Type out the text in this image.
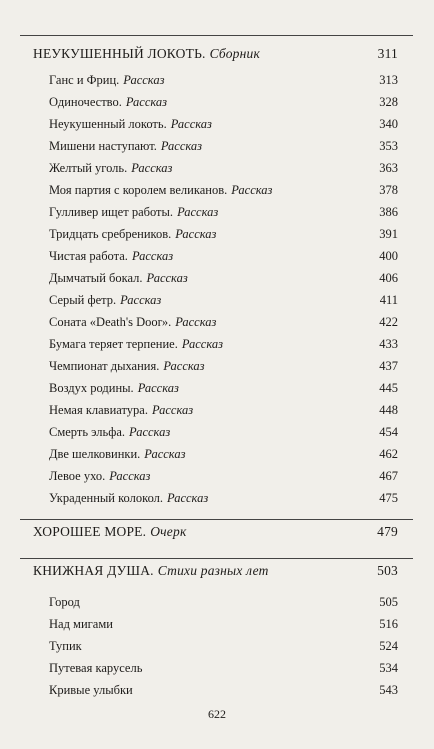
НЕУКУШЕННЫЙ ЛОКОТЬ. Сборник	311
Ганс и Фриц. Рассказ	313
Одиночество. Рассказ	328
Неукушенный локоть. Рассказ	340
Мишени наступают. Рассказ	353
Желтый уголь. Рассказ	363
Моя партия с королем великанов. Рассказ	378
Гулливер ищет работы. Рассказ	386
Тридцать сребреников. Рассказ	391
Чистая работа. Рассказ	400
Дымчатый бокал. Рассказ	406
Серый фетр. Рассказ	411
Соната «Death's Door». Рассказ	422
Бумага теряет терпение. Рассказ	433
Чемпионат дыхания. Рассказ	437
Воздух родины. Рассказ	445
Немая клавиатура. Рассказ	448
Смерть эльфа. Рассказ	454
Две шелковинки. Рассказ	462
Левое ухо. Рассказ	467
Украденный колокол. Рассказ	475
ХОРОШЕЕ МОРЕ. Очерк	479
КНИЖНАЯ ДУША. Стихи разных лет	503
Город	505
Над мигами	516
Тупик	524
Путевая карусель	534
Кривые улыбки	543
622
